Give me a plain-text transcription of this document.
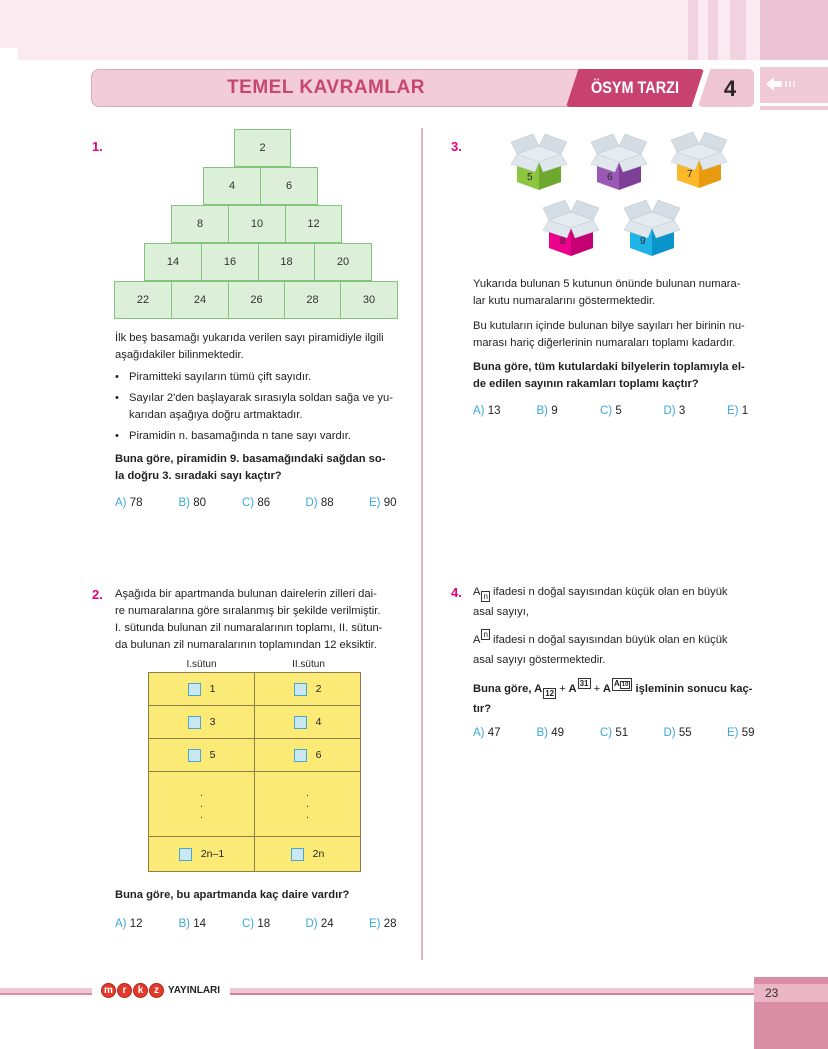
TEMEL KAVRAMLAR	ÖSYM TARZI	4
1.	2
4	6
8	10	12
14	16	18	20
22	24	26	28	30
İlk beş basamağı yukarıda verilen sayı piramidiyle ilgili
aşağıdakiler bilinmektedir.
• Piramitteki sayıların tümü çift sayıdır.
• Sayılar 2'den başlayarak sırasıyla soldan sağa ve yu-
karıdan aşağıya doğru artmaktadır.
• Piramidin n. basamağında n tane sayı vardır.
Buna göre, piramidin 9. basamağındaki sağdan so-
la doğru 3. sıradaki sayı kaçtır?
A) 78	B) 80	C) 86	D) 88	E) 90
2. Aşağıda bir apartmanda bulunan dairelerin zilleri dai-
re numaralarına göre sıralanmış bir şekilde verilmiştir.
I. sütunda bulunan zil numaralarının toplamı, II. sütun-
da bulunan zil numaralarının toplamından 12 eksiktir.
I.sütun	II.sütun
1	2
3	4
5	6
.
.
.
.
.
.
2n–1	2n
Buna göre, bu apartmanda kaç daire vardır?
A) 12	B) 14	C) 18	D) 24	E) 28
3.
5	6	7
8	9
Yukarıda bulunan 5 kutunun önünde bulunan numara-
lar kutu numaralarını göstermektedir.
Bu kutuların içinde bulunan bilye sayıları her birinin nu-
marası hariç diğerlerinin numaraları toplamı kadardır.
Buna göre, tüm kutulardaki bilyelerin toplamıyla el-
de edilen sayının rakamları toplamı kaçtır?
A) 13	B) 9	C) 5	D) 3	E) 1
4. A n ifadesi n doğal sayısından küçük olan en büyük
asal sayıyı,
A n ifadesi n doğal sayısından büyük olan en küçük
asal sayıyı göstermektedir.
Buna göre, A 12 + A 31 + A A 10 işleminin sonucu kaç-
tır?
A) 47	B) 49	C) 51	D) 55	E) 59
m r	k	z YAYINLARI	23
